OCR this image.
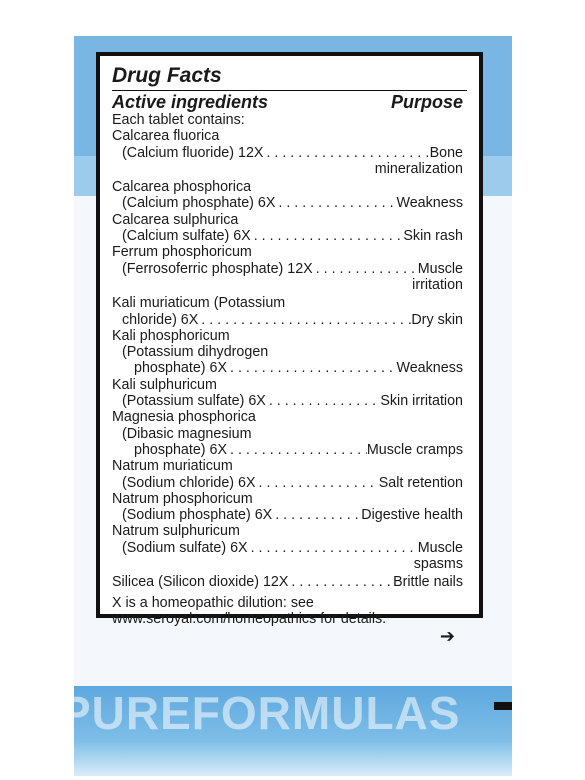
Drug Facts
Active ingredients	Purpose
Each tablet contains:
Calcarea fluorica
(Calcium fluoride) 12X . . .	Bone
mineralization
Calcarea phosphorica
(Calcium phosphate) 6X . . .	Weakness
Calcarea sulphurica
(Calcium sulfate) 6X . . .	Skin rash
Ferrum phosphoricum
(Ferrosoferric phosphate) 12X . . .	Muscle
irritation
Kali muriaticum (Potassium
chloride) 6X . . .	Dry skin
Kali phosphoricum
(Potassium dihydrogen
phosphate) 6X . . .	Weakness
Kali sulphuricum
(Potassium sulfate) 6X . . .	Skin irritation
Magnesia phosphorica
(Dibasic magnesium
phosphate) 6X . . .	Muscle cramps
Natrum muriaticum
(Sodium chloride) 6X . . .	Salt retention
Natrum phosphoricum
(Sodium phosphate) 6X . . .	Digestive health
Natrum sulphuricum
(Sodium sulfate) 6X . . .	Muscle
spasms
Silicea (Silicon dioxide) 12X . . .	Brittle nails
X is a homeopathic dilution: see
www.seroyal.com/homeopathics for details.
➔
PUREFORMULAS
